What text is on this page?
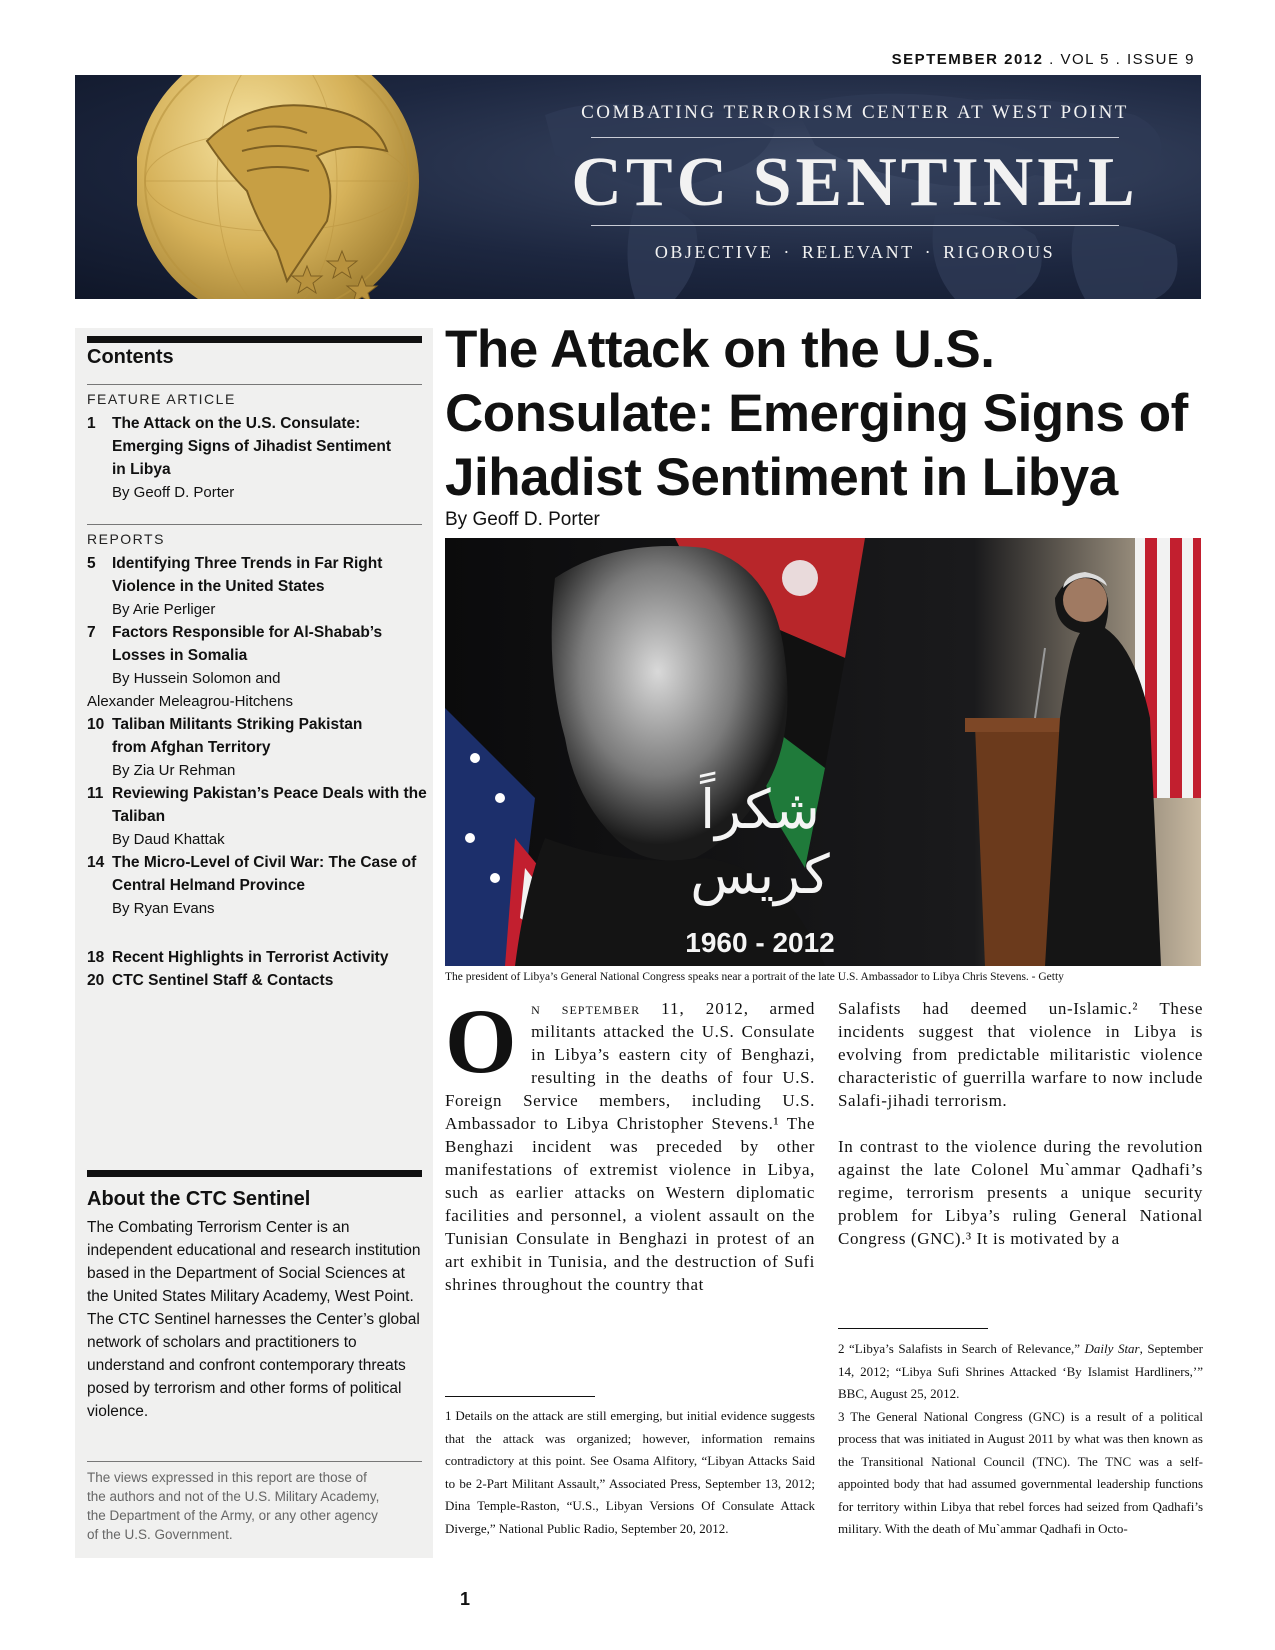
SEPTEMBER 2012 . VOL 5 . ISSUE 9
COMBATING TERRORISM CENTER AT WEST POINT
CTC SENTINEL
OBJECTIVE · RELEVANT · RIGOROUS
Contents
FEATURE ARTICLE
1 The Attack on the U.S. Consulate: Emerging Signs of Jihadist Sentiment in Libya
By Geoff D. Porter
REPORTS
5 Identifying Three Trends in Far Right Violence in the United States
By Arie Perliger
7 Factors Responsible for Al-Shabab’s Losses in Somalia
By Hussein Solomon and
Alexander Meleagrou-Hitchens
10 Taliban Militants Striking Pakistan from Afghan Territory
By Zia Ur Rehman
11 Reviewing Pakistan’s Peace Deals with the Taliban
By Daud Khattak
14 The Micro-Level of Civil War: The Case of Central Helmand Province
By Ryan Evans
18 Recent Highlights in Terrorist Activity
20 CTC Sentinel Staff & Contacts
About the CTC Sentinel
The Combating Terrorism Center is an independent educational and research institution based in the Department of Social Sciences at the United States Military Academy, West Point. The CTC Sentinel harnesses the Center’s global network of scholars and practitioners to understand and confront contemporary threats posed by terrorism and other forms of political violence.
The views expressed in this report are those of the authors and not of the U.S. Military Academy, the Department of the Army, or any other agency of the U.S. Government.
The Attack on the U.S. Consulate: Emerging Signs of Jihadist Sentiment in Libya
By Geoff D. Porter
شكراً
كريس
1960 - 2012
The president of Libya’s General National Congress speaks near a portrait of the late U.S. Ambassador to Libya Chris Stevens. - Getty
On september 11, 2012, armed militants attacked the U.S. Consulate in Libya’s eastern city of Benghazi, resulting in the deaths of four U.S. Foreign Service members, including U.S. Ambassador to Libya Christopher Stevens.¹ The Benghazi incident was preceded by other manifestations of extremist violence in Libya, such as earlier attacks on Western diplomatic facilities and personnel, a violent assault on the Tunisian Consulate in Benghazi in protest of an art exhibit in Tunisia, and the destruction of Sufi shrines throughout the country that
Salafists had deemed un-Islamic.² These incidents suggest that violence in Libya is evolving from predictable militaristic violence characteristic of guerrilla warfare to now include Salafi-jihadi terrorism.
In contrast to the violence during the revolution against the late Colonel Mu`ammar Qadhafi’s regime, terrorism presents a unique security problem for Libya’s ruling General National Congress (GNC).³ It is motivated by a
1 Details on the attack are still emerging, but initial evidence suggests that the attack was organized; however, information remains contradictory at this point. See Osama Alfitory, “Libyan Attacks Said to be 2-Part Militant Assault,” Associated Press, September 13, 2012; Dina Temple-Raston, “U.S., Libyan Versions Of Consulate Attack Diverge,” National Public Radio, September 20, 2012.
2 “Libya’s Salafists in Search of Relevance,” Daily Star, September 14, 2012; “Libya Sufi Shrines Attacked ‘By Islamist Hardliners,’” BBC, August 25, 2012.
3 The General National Congress (GNC) is a result of a political process that was initiated in August 2011 by what was then known as the Transitional National Council (TNC). The TNC was a self-appointed body that had assumed governmental leadership functions for territory within Libya that rebel forces had seized from Qadhafi’s military. With the death of Mu`ammar Qadhafi in Octo-
1
